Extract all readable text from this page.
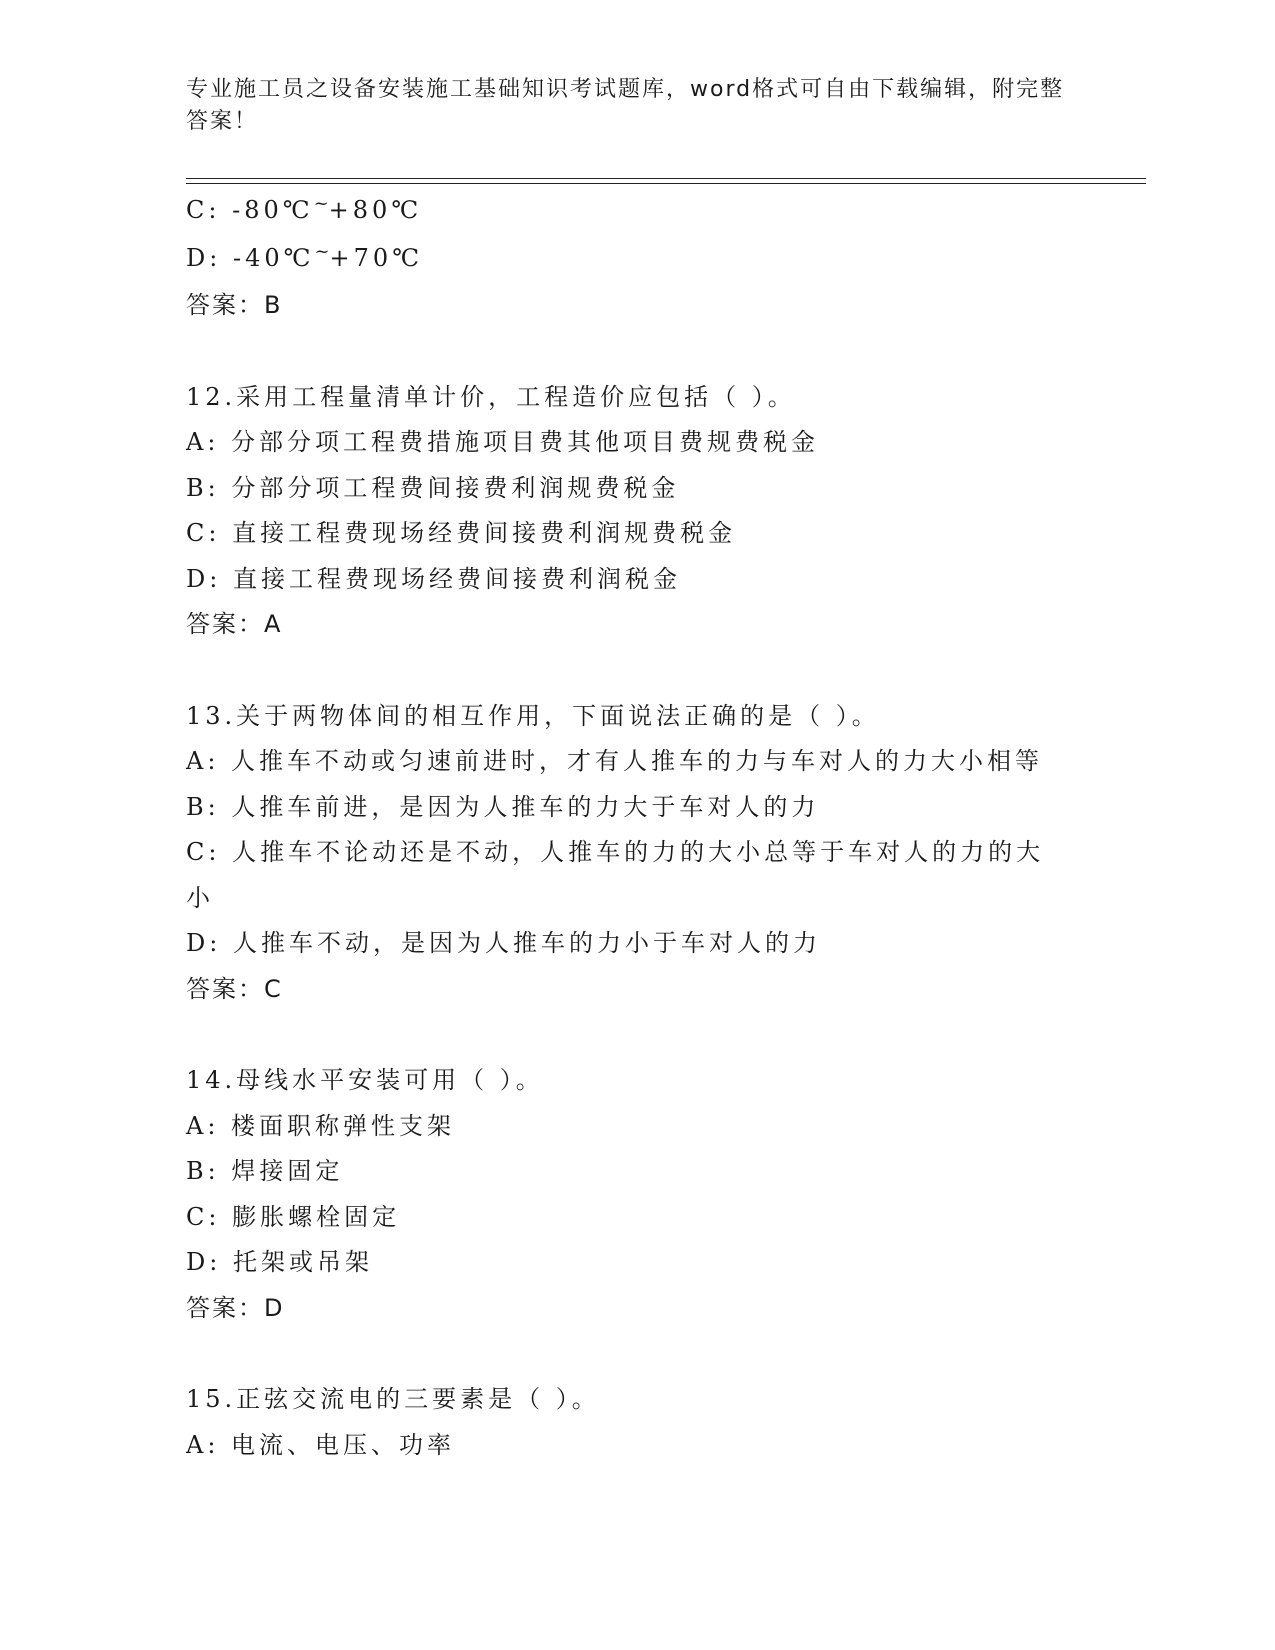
专业施工员之设备安装施工基础知识考试题库，word格式可自由下载编辑，附完整答案！
C: -80℃~+80℃
D: -40℃~+70℃
答案：B
12.采用工程量清单计价，工程造价应包括（ ）。
A: 分部分项工程费措施项目费其他项目费规费税金
B: 分部分项工程费间接费利润规费税金
C: 直接工程费现场经费间接费利润规费税金
D: 直接工程费现场经费间接费利润税金
答案：A
13.关于两物体间的相互作用，下面说法正确的是（ ）。
A: 人推车不动或匀速前进时，才有人推车的力与车对人的力大小相等
B: 人推车前进，是因为人推车的力大于车对人的力
C: 人推车不论动还是不动，人推车的力的大小总等于车对人的力的大小
D: 人推车不动，是因为人推车的力小于车对人的力
答案：C
14.母线水平安装可用（ ）。
A: 楼面职称弹性支架
B: 焊接固定
C: 膨胀螺栓固定
D: 托架或吊架
答案：D
15.正弦交流电的三要素是（ ）。
A: 电流、电压、功率
